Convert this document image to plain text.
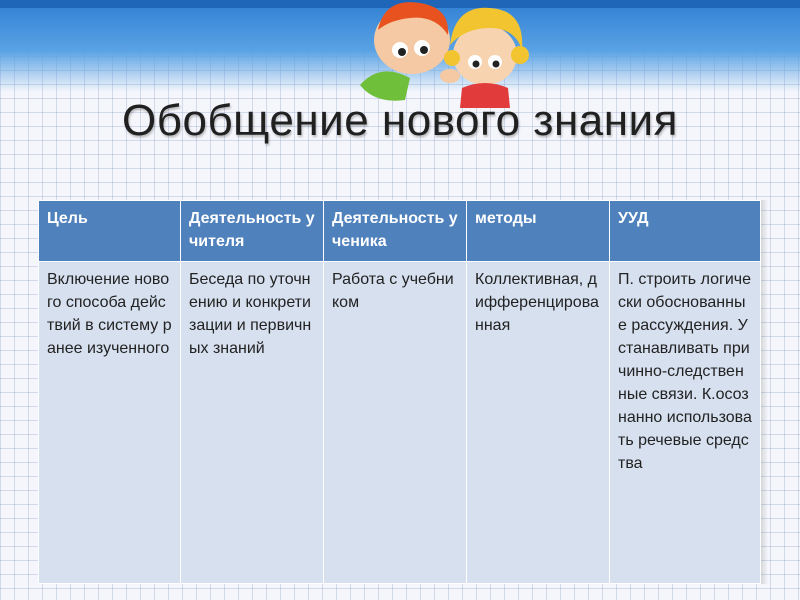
Обобщение нового знания
Цель	Деятельность учителя	Деятельность ученика	методы	УУД
Включение нового способа действий в систему ранее изученного	Беседа по уточнению и конкретизации и первичных знаний	Работа с учебником	Коллективная, дифференцированная	П. строить логически обоснованные рассуждения. Устанавливать причинно-следственные связи. К.осознанно использовать речевые средства
